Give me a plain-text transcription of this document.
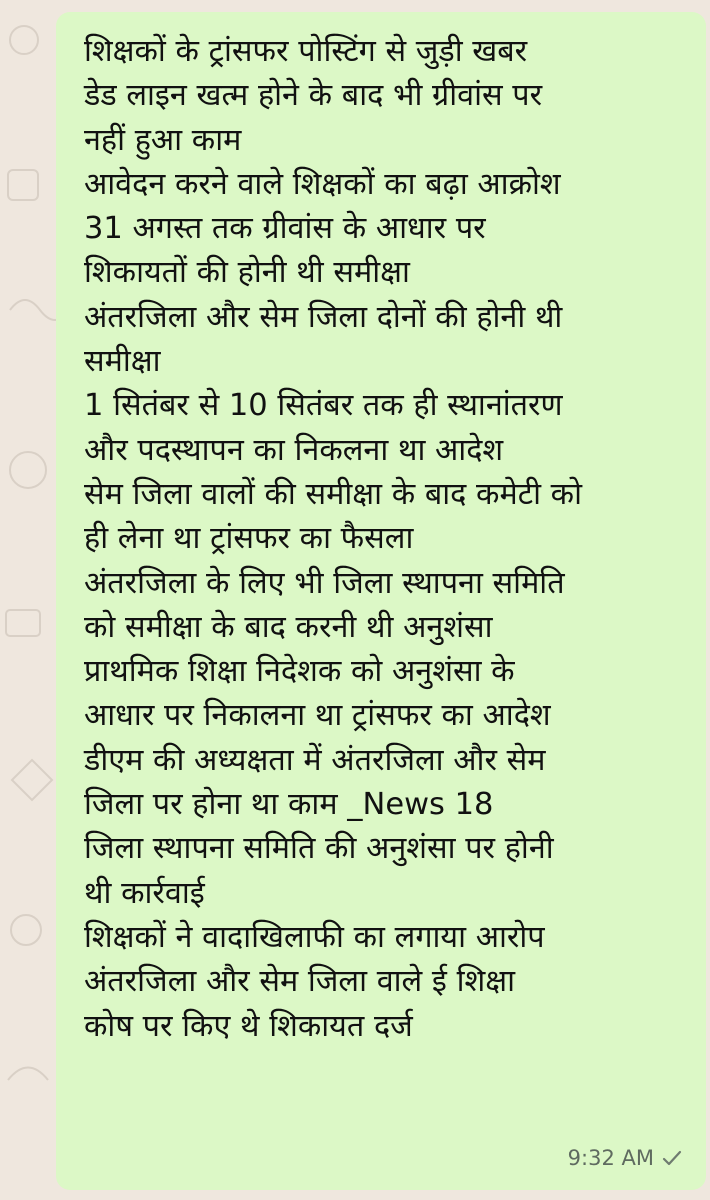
शिक्षकों के ट्रांसफर पोस्टिंग से जुड़ी खबर
डेड लाइन खत्म होने के बाद भी ग्रीवांस पर
नहीं हुआ काम
आवेदन करने वाले शिक्षकों का बढ़ा आक्रोश
31 अगस्त तक ग्रीवांस के आधार पर
शिकायतों की होनी थी समीक्षा
अंतरजिला और सेम जिला दोनों की होनी थी
समीक्षा
1 सितंबर से 10 सितंबर तक ही स्थानांतरण
और पदस्थापन का निकलना था आदेश
सेम जिला वालों की समीक्षा के बाद कमेटी को
ही लेना था ट्रांसफर का फैसला
अंतरजिला के लिए भी जिला स्थापना समिति
को समीक्षा के बाद करनी थी अनुशंसा
प्राथमिक शिक्षा निदेशक को अनुशंसा के
आधार पर निकालना था ट्रांसफर का आदेश
डीएम की अध्यक्षता में अंतरजिला और सेम
जिला पर होना था काम _News 18
जिला स्थापना समिति की अनुशंसा पर होनी
थी कार्रवाई
शिक्षकों ने वादाखिलाफी का लगाया आरोप
अंतरजिला और सेम जिला वाले ई शिक्षा
कोष पर किए थे शिकायत दर्ज
9:32 AM
